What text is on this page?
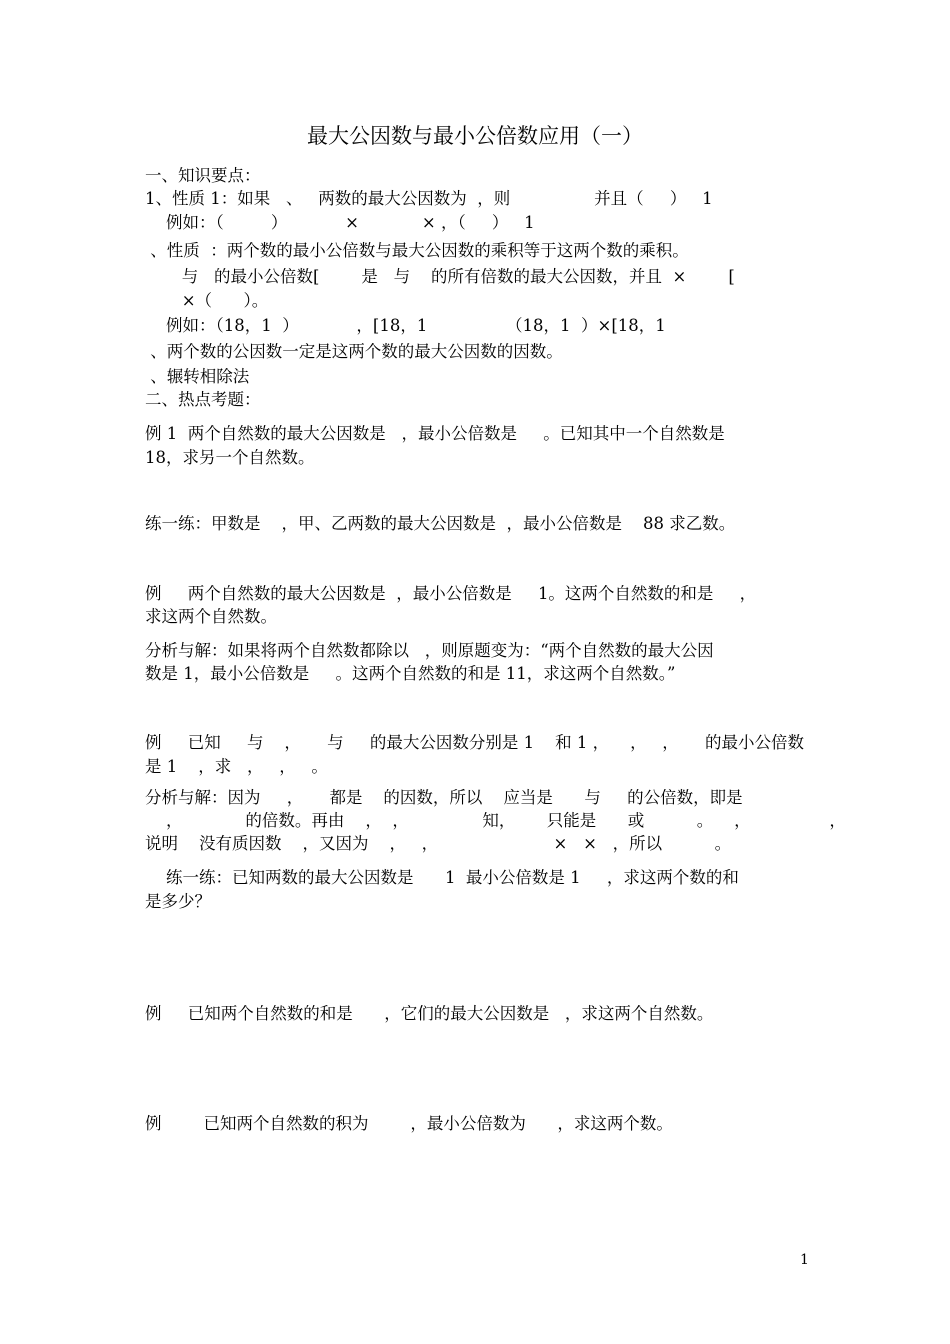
最大公因数与最小公倍数应用（一）
一、知识要点：
1、性质 1：如果   、   两数的最大公因数为  ，则                并且（     ）   1
例如：（         ）           ×            × ，（     ）   1
、性质  ：两个数的最小公倍数与最大公因数的乘积等于这两个数的乘积。
与   的最小公倍数[        是   与    的所有倍数的最大公因数，并且  ×        [
×（      ）。
例如：（18，1  ）           ，[18，1               （18，1  ）×[18，1
、两个数的公因数一定是这两个数的最大公因数的因数。
、辗转相除法
二、热点考题：
例 1  两个自然数的最大公因数是   ，最小公倍数是     。已知其中一个自然数是
18，求另一个自然数。
练一练：甲数是    ，甲、乙两数的最大公因数是  ，最小公倍数是    88 求乙数。
例     两个自然数的最大公因数是  ，最小公倍数是     1。这两个自然数的和是     ，
求这两个自然数。
分析与解：如果将两个自然数都除以   ，则原题变为：“两个自然数的最大公因
数是 1，最小公倍数是     。这两个自然数的和是 11，求这两个自然数。”
例     已知     与    ，     与     的最大公因数分别是 1    和 1 ，    ，   ，     的最小公倍数
是 1    ，求   ，   ，   。
分析与解：因为     ，     都是    的因数，所以    应当是      与     的公倍数，即是
，            的倍数。再由    ，  ，              知，      只能是      或          。    ，               ，
说明    没有质因数    ，又因为    ，   ，                      ×   ×   ，所以          。
练一练：已知两数的最大公因数是      1  最小公倍数是 1     ，求这两个数的和
是多少？
例     已知两个自然数的和是      ，它们的最大公因数是   ，求这两个自然数。
例        已知两个自然数的积为        ，最小公倍数为      ，求这两个数。
1
